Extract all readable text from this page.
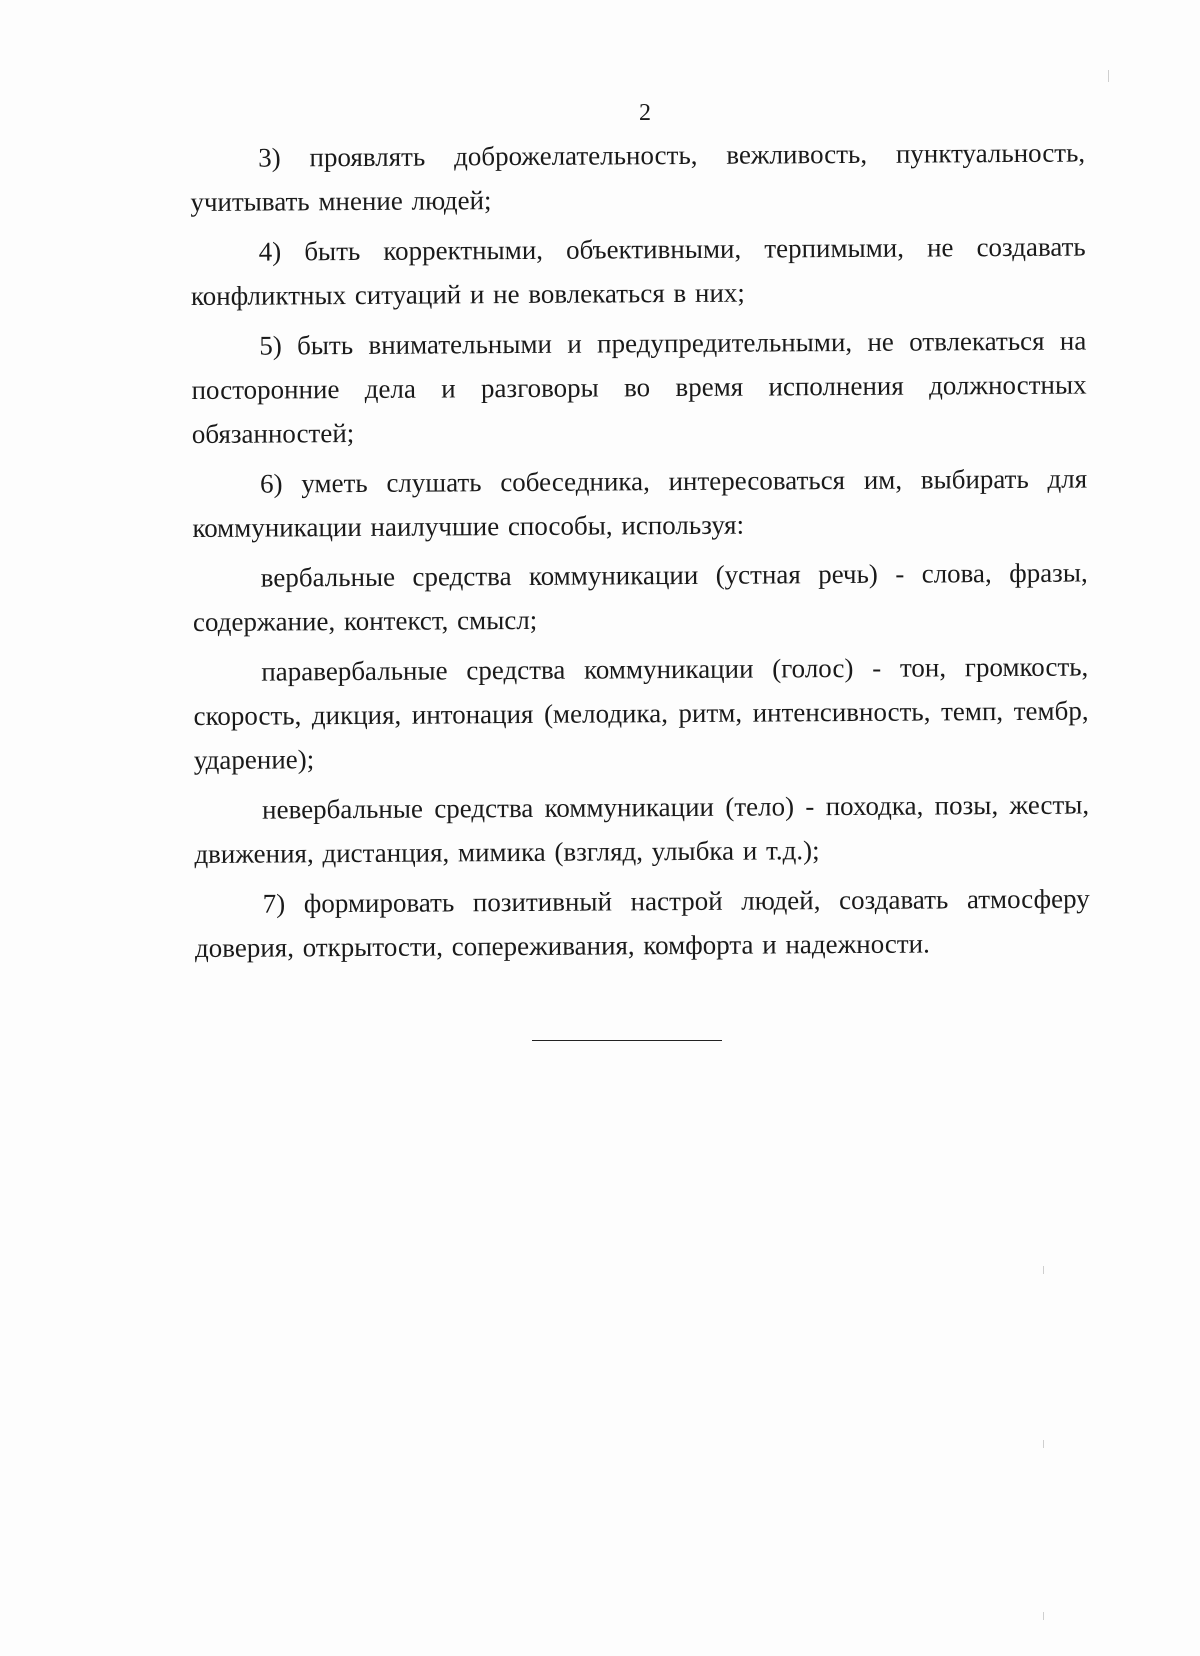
2

3) проявлять доброжелательность, вежливость, пунктуальность, учитывать мнение людей;

4) быть корректными, объективными, терпимыми, не создавать конфликтных ситуаций и не вовлекаться в них;

5) быть внимательными и предупредительными, не отвлекаться на посторонние дела и разговоры во время исполнения должностных обязанностей;

6) уметь слушать собеседника, интересоваться им, выбирать для коммуникации наилучшие способы, используя:

вербальные средства коммуникации (устная речь) - слова, фразы, содержание, контекст, смысл;

паравербальные средства коммуникации (голос) - тон, громкость, скорость, дикция, интонация (мелодика, ритм, интенсивность, темп, тембр, ударение);

невербальные средства коммуникации (тело) - походка, позы, жесты, движения, дистанция, мимика (взгляд, улыбка и т.д.);

7) формировать позитивный настрой людей, создавать атмосферу доверия, открытости, сопереживания, комфорта и надежности.
